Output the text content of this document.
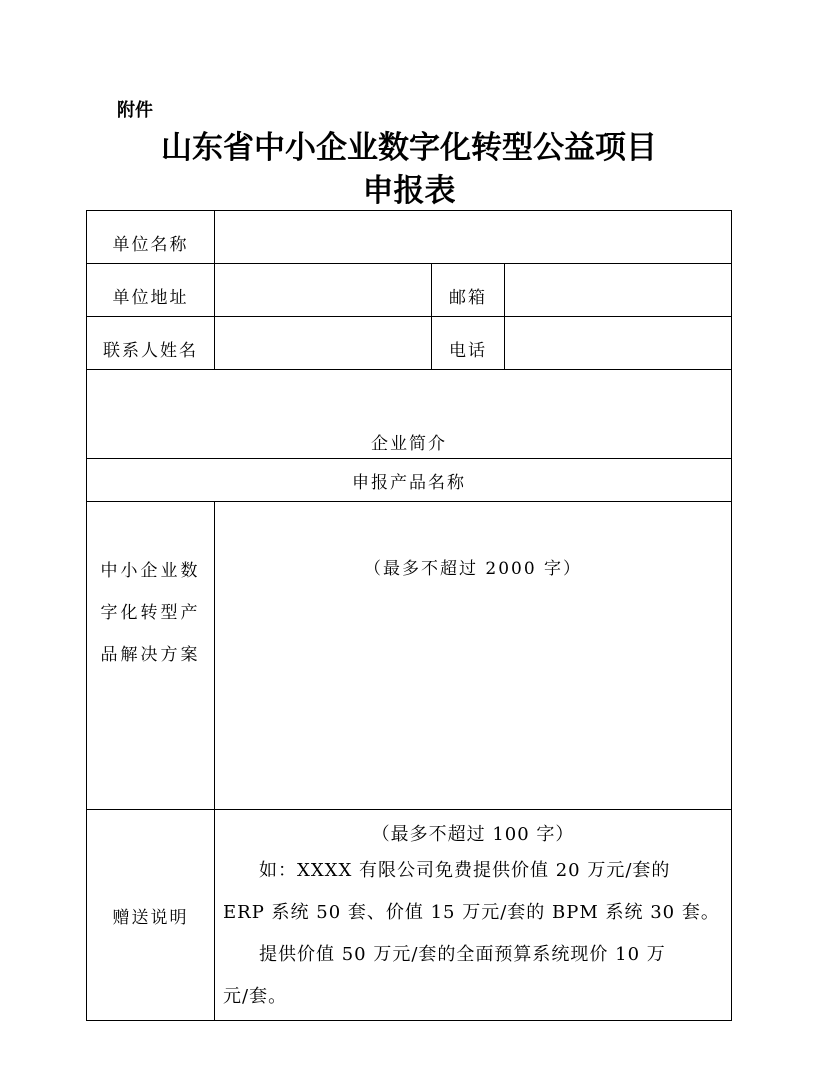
附件
山东省中小企业数字化转型公益项目
申报表
单位名称			
单位地址		邮箱	
联系人姓名		电话	
企业简介			
申报产品名称			

中小企业数
字化转型产
品解决方案	（最多不超过 2000 字）		
赠送说明	（最多不超过 100 字）
如：XXXX 有限公司免费提供价值 20 万元/套的
ERP 系统 50 套、价值 15 万元/套的 BPM 系统 30 套。
提供价值 50 万元/套的全面预算系统现价 10 万
元/套。		
